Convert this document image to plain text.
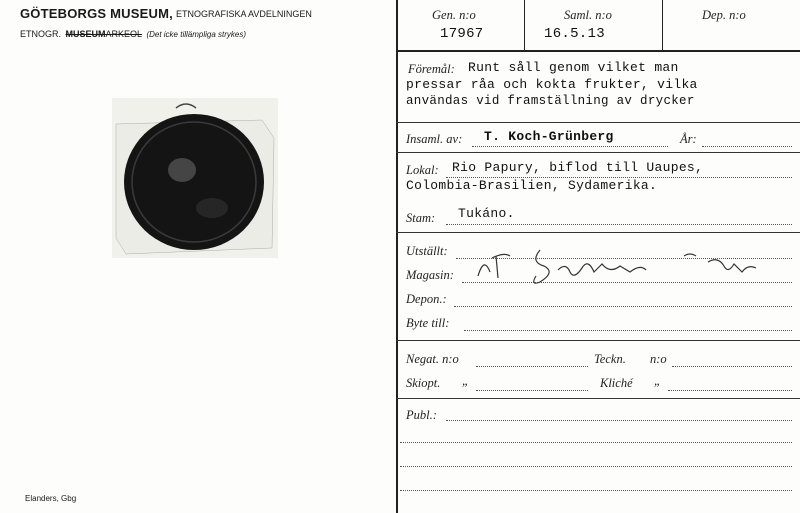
GÖTEBORGS MUSEUM, ETNOGRAFISKA AVDELNINGEN
ETNOGR. MUSEUMARKEOL (Det icke tillämpliga strykes)
Elanders, Gbg
Gen. n:o
17967
Saml. n:o
16.5.13
Dep. n:o
Föremål: Runt såll genom vilket man
pressar råa och kokta frukter, vilka
användas vid framställning av drycker
Insaml. av: T. Koch-Grünberg	År:
Lokal: Rio Papury, biflod till Uaupes,
Colombia-Brasilien, Sydamerika.
Stam: Tukáno.
Utställt:
Magasin:
Depon.:
Byte till:
Negat. n:o	Teckn. n:o
Skiopt. „	Kliché „
Publ.:
